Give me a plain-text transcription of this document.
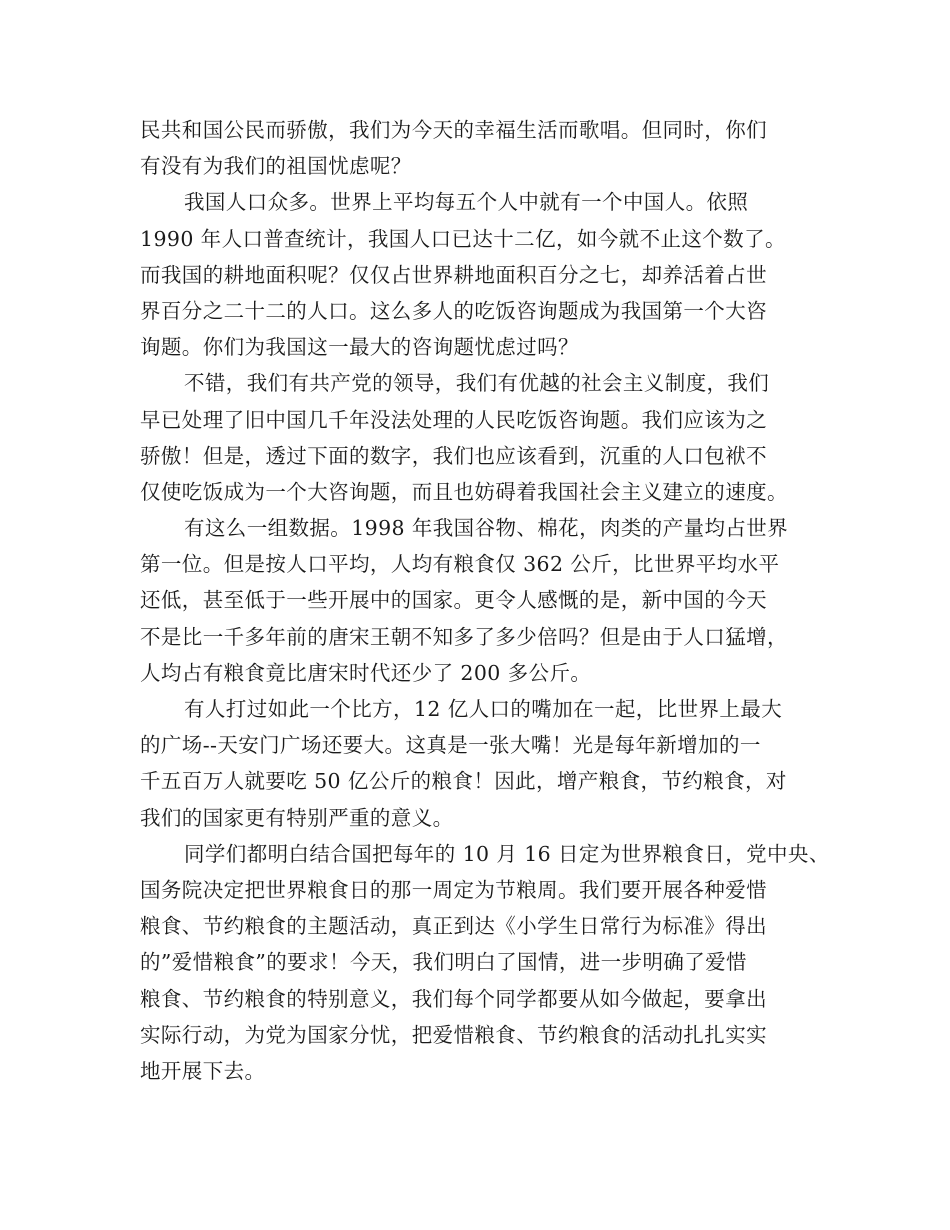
民共和国公民而骄傲，我们为今天的幸福生活而歌唱。但同时，你们
有没有为我们的祖国忧虑呢？
我国人口众多。世界上平均每五个人中就有一个中国人。依照
1990 年人口普查统计，我国人口已达十二亿，如今就不止这个数了。
而我国的耕地面积呢？仅仅占世界耕地面积百分之七，却养活着占世
界百分之二十二的人口。这么多人的吃饭咨询题成为我国第一个大咨
询题。你们为我国这一最大的咨询题忧虑过吗？
不错，我们有共产党的领导，我们有优越的社会主义制度，我们
早已处理了旧中国几千年没法处理的人民吃饭咨询题。我们应该为之
骄傲！但是，透过下面的数字，我们也应该看到，沉重的人口包袱不
仅使吃饭成为一个大咨询题，而且也妨碍着我国社会主义建立的速度。
有这么一组数据。1998 年我国谷物、棉花，肉类的产量均占世界
第一位。但是按人口平均，人均有粮食仅 362 公斤，比世界平均水平
还低，甚至低于一些开展中的国家。更令人感慨的是，新中国的今天
不是比一千多年前的唐宋王朝不知多了多少倍吗？但是由于人口猛增，
人均占有粮食竟比唐宋时代还少了 200 多公斤。
有人打过如此一个比方，12 亿人口的嘴加在一起，比世界上最大
的广场--天安门广场还要大。这真是一张大嘴！光是每年新增加的一
千五百万人就要吃 50 亿公斤的粮食！因此，增产粮食，节约粮食，对
我们的国家更有特别严重的意义。
同学们都明白结合国把每年的 10 月 16 日定为世界粮食日，党中央、
国务院决定把世界粮食日的那一周定为节粮周。我们要开展各种爱惜
粮食、节约粮食的主题活动，真正到达《小学生日常行为标准》得出
的”爱惜粮食”的要求！今天，我们明白了国情，进一步明确了爱惜
粮食、节约粮食的特别意义，我们每个同学都要从如今做起，要拿出
实际行动，为党为国家分忧，把爱惜粮食、节约粮食的活动扎扎实实
地开展下去。
